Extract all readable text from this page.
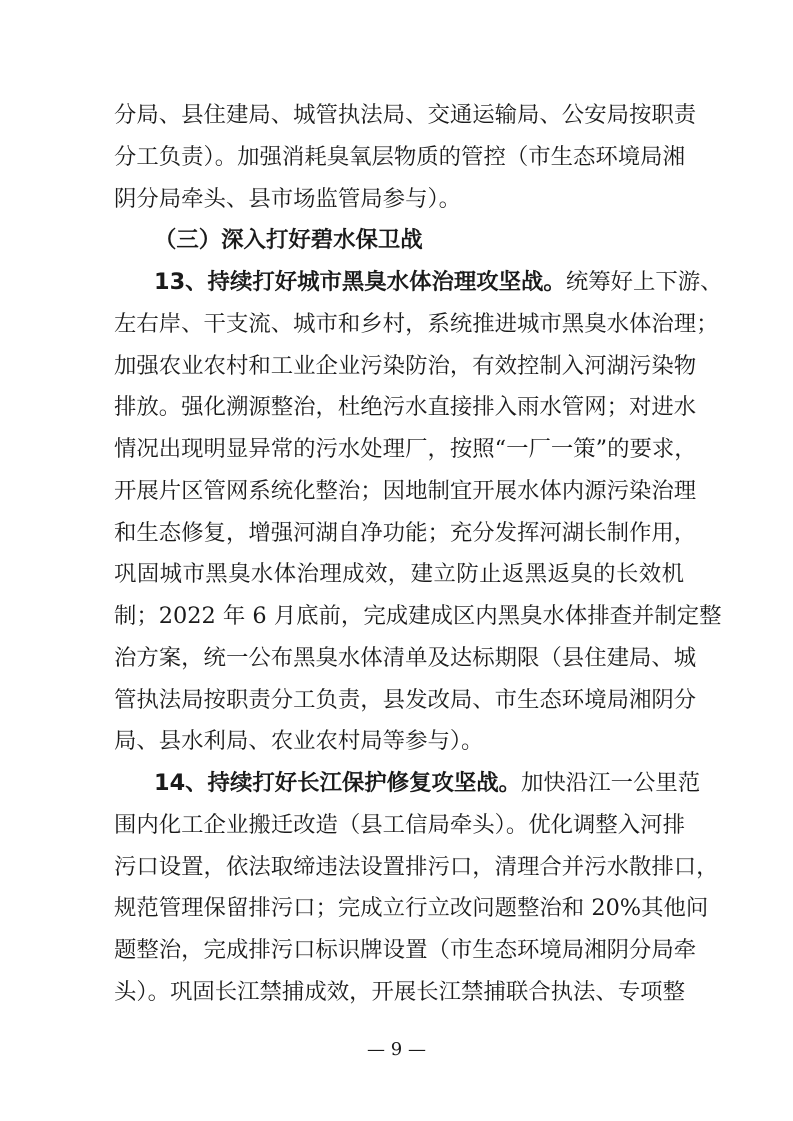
分局、县住建局、城管执法局、交通运输局、公安局按职责
分工负责）。加强消耗臭氧层物质的管控（市生态环境局湘
阴分局牵头、县市场监管局参与）。
（三）深入打好碧水保卫战
13、持续打好城市黑臭水体治理攻坚战。统筹好上下游、
左右岸、干支流、城市和乡村，系统推进城市黑臭水体治理；
加强农业农村和工业企业污染防治，有效控制入河湖污染物
排放。强化溯源整治，杜绝污水直接排入雨水管网；对进水
情况出现明显异常的污水处理厂，按照“一厂一策”的要求，
开展片区管网系统化整治；因地制宜开展水体内源污染治理
和生态修复，增强河湖自净功能；充分发挥河湖长制作用，
巩固城市黑臭水体治理成效，建立防止返黑返臭的长效机
制；2022 年 6 月底前，完成建成区内黑臭水体排查并制定整
治方案，统一公布黑臭水体清单及达标期限（县住建局、城
管执法局按职责分工负责，县发改局、市生态环境局湘阴分
局、县水利局、农业农村局等参与）。
14、持续打好长江保护修复攻坚战。加快沿江一公里范
围内化工企业搬迁改造（县工信局牵头）。优化调整入河排
污口设置，依法取缔违法设置排污口，清理合并污水散排口，
规范管理保留排污口；完成立行立改问题整治和 20%其他问
题整治，完成排污口标识牌设置（市生态环境局湘阴分局牵
头）。巩固长江禁捕成效，开展长江禁捕联合执法、专项整
— 9 —
